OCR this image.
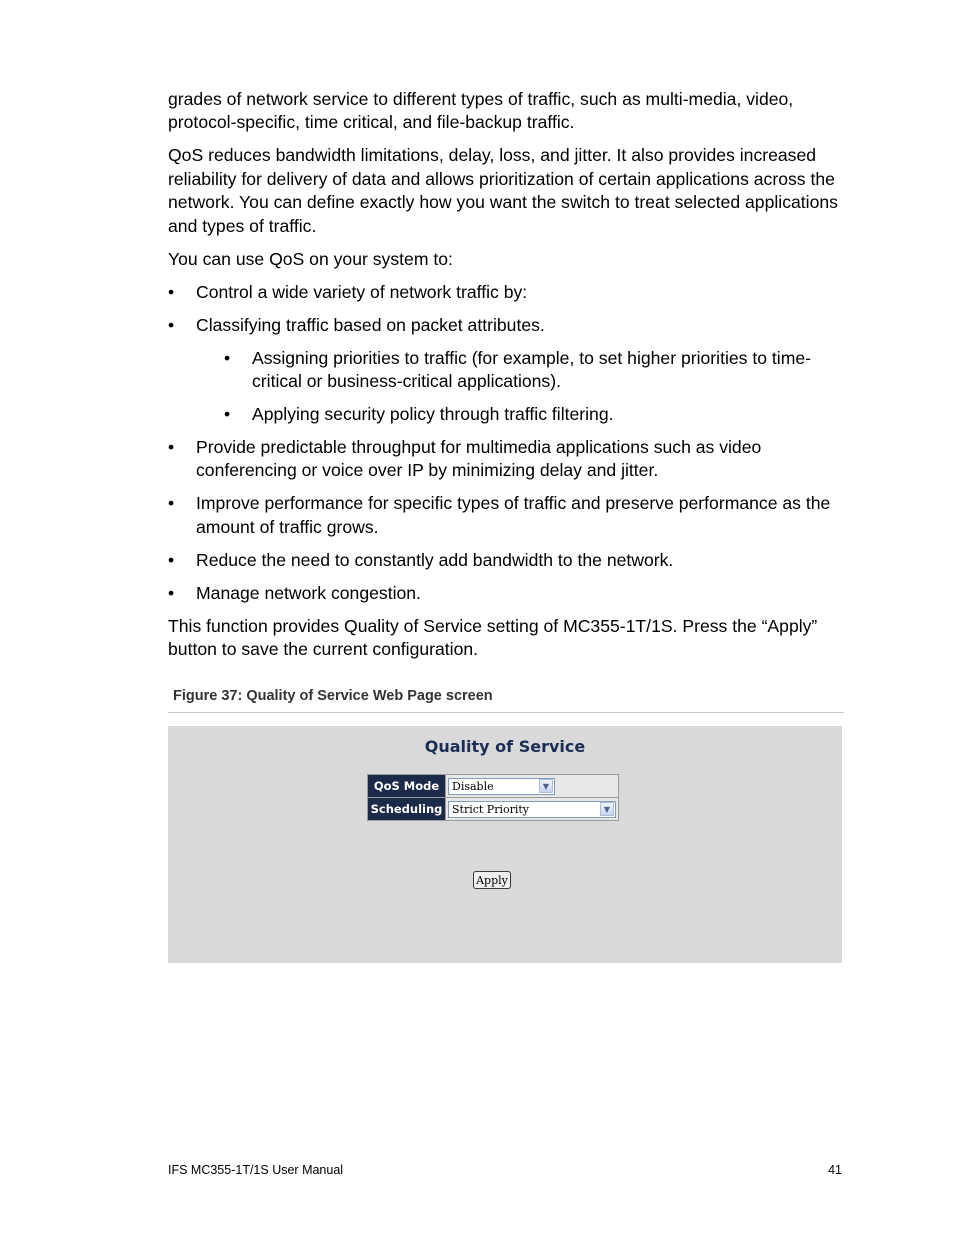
grades of network service to different types of traffic, such as multi-media, video, protocol-specific, time critical, and file-backup traffic.

QoS reduces bandwidth limitations, delay, loss, and jitter. It also provides increased reliability for delivery of data and allows prioritization of certain applications across the network. You can define exactly how you want the switch to treat selected applications and types of traffic.

You can use QoS on your system to:

• Control a wide variety of network traffic by:
• Classifying traffic based on packet attributes.
• Assigning priorities to traffic (for example, to set higher priorities to time-critical or business-critical applications).
• Applying security policy through traffic filtering.
• Provide predictable throughput for multimedia applications such as video conferencing or voice over IP by minimizing delay and jitter.
• Improve performance for specific types of traffic and preserve performance as the amount of traffic grows.
• Reduce the need to constantly add bandwidth to the network.
• Manage network congestion.

This function provides Quality of Service setting of MC355-1T/1S. Press the “Apply” button to save the current configuration.

Figure 37: Quality of Service Web Page screen
Quality of Service
QoS Mode	Disable	▼
Scheduling Strict Priority	▼
Apply
IFS MC355-1T/1S User Manual	41
